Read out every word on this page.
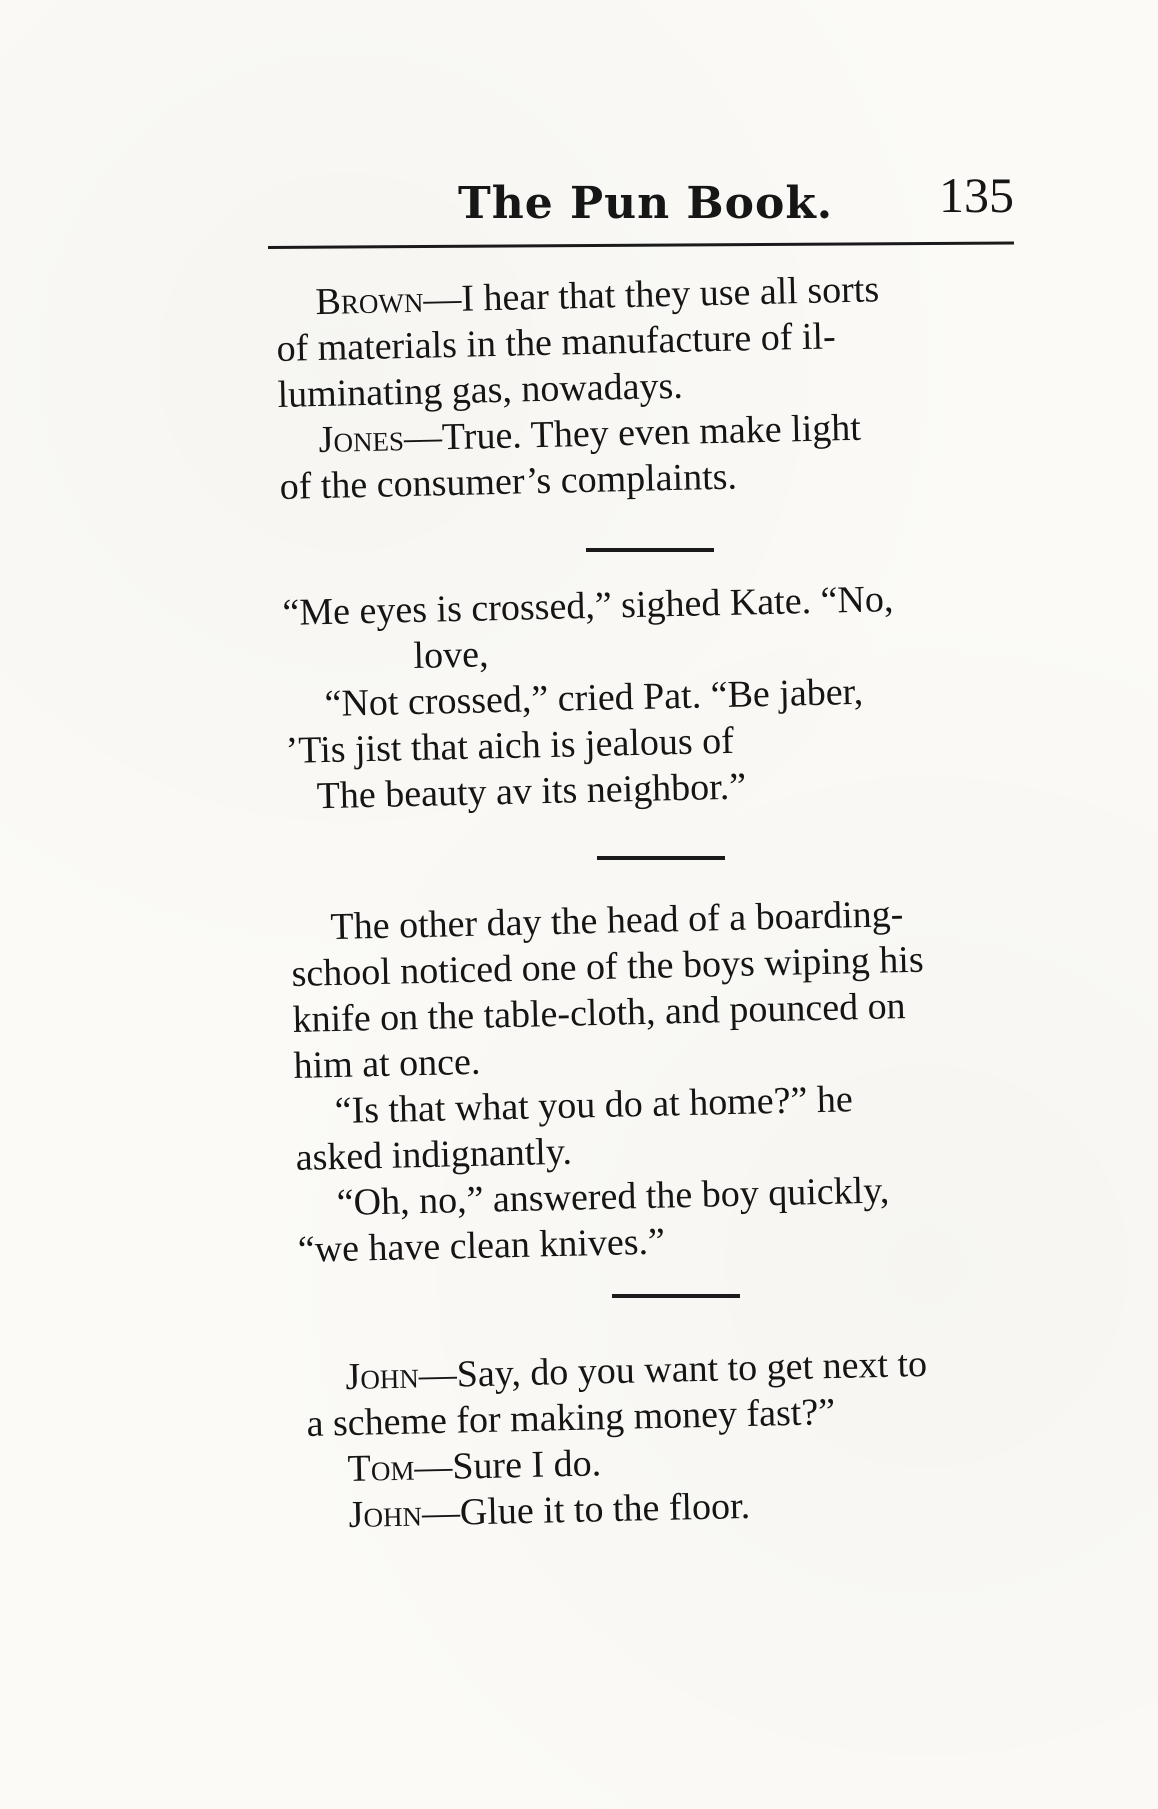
The Pun Book. 135
Brown—I hear that they use all sorts
of materials in the manufacture of il-
luminating gas, nowadays.
Jones—True. They even make light
of the consumer’s complaints.
“Me eyes is crossed,” sighed Kate. “No,
love,
“Not crossed,” cried Pat. “Be jaber,
’Tis jist that aich is jealous of
The beauty av its neighbor.”
The other day the head of a boarding-
school noticed one of the boys wiping his
knife on the table-cloth, and pounced on
him at once.
“Is that what you do at home?” he
asked indignantly.
“Oh, no,” answered the boy quickly,
“we have clean knives.”
John—Say, do you want to get next to
a scheme for making money fast?”
Tom—Sure I do.
John—Glue it to the floor.
